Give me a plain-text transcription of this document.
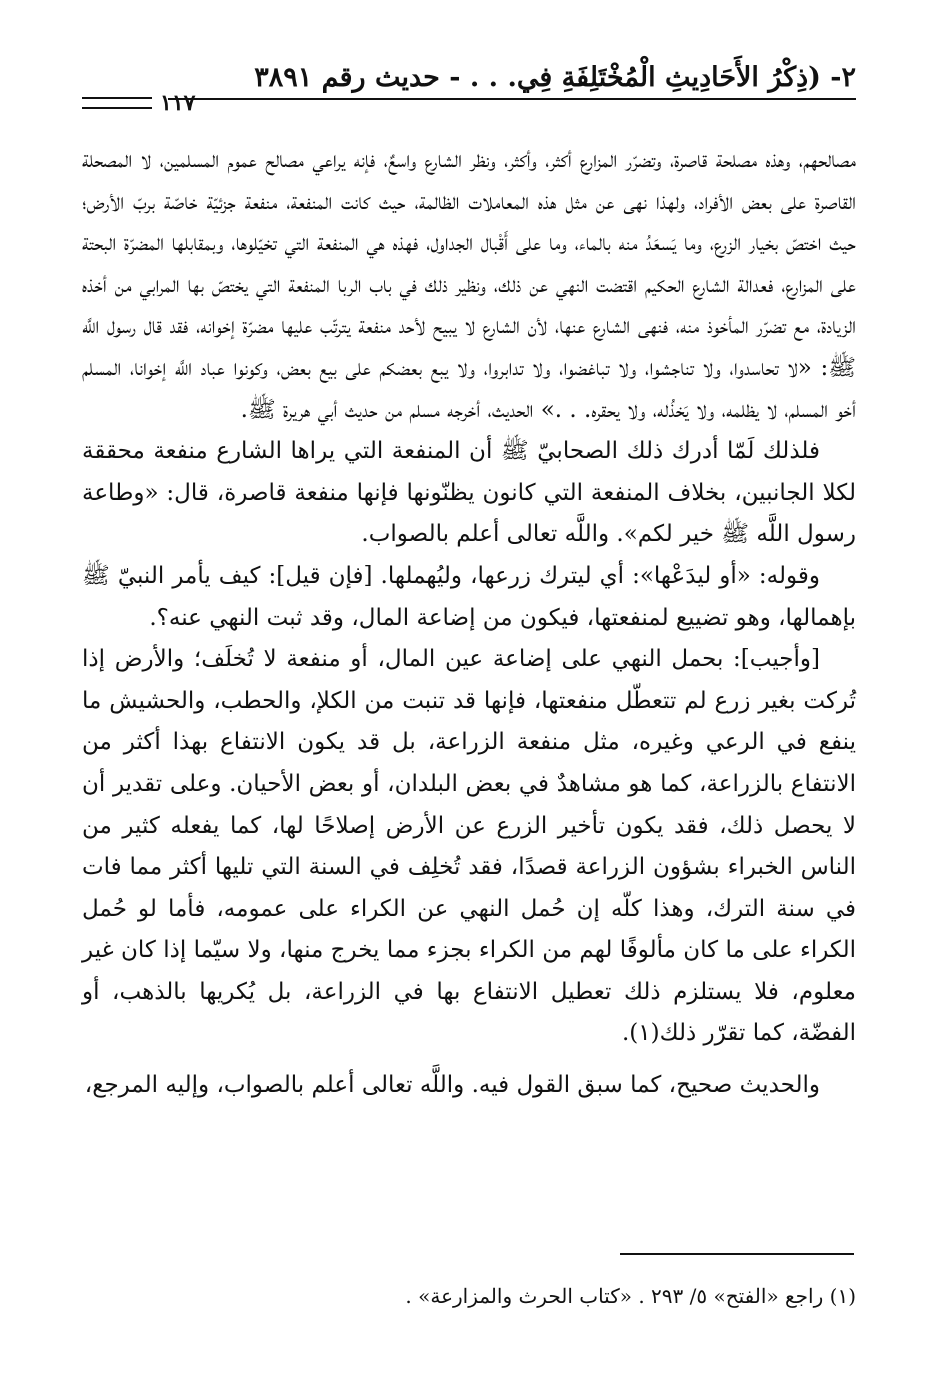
٢- (ذِكْرُ الأَحَادِيثِ الْمُخْتَلِفَةِ فِي. . . - حديث رقم ٣٨٩١
١١٧

مصالحهم، وهذه مصلحة قاصرة، وتضرّر المزارع أكثر، وأكثر، ونظر الشارع واسعٌ، فإنه يراعي مصالح عموم المسلمين، لا المصحلة القاصرة على بعض الأفراد، ولهذا نهى عن مثل هذه المعاملات الظالمة، حيث كانت المنفعة، منفعة جزئيّة خاصّة بربّ الأرض؛ حيث اختصّ بخيار الزرع، وما يَسعَدُ منه بالماء، وما على أَقْبال الجداول، فهذه هي المنفعة التي تخيّلوها، وبمقابلها المضرّة البحتة على المزارع، فعدالة الشارع الحكيم اقتضت النهي عن ذلك، ونظير ذلك في باب الربا المنفعة التي يختصّ بها المرابي من أخذه الزيادة، مع تضرّر المأخوذ منه، فنهى الشارع عنها، لأن الشارع لا يبيح لأحد منفعة يترتّب عليها مضرّة إخوانه، فقد قال رسول اللَّه ﷺ: «لا تحاسدوا، ولا تناجشوا، ولا تباغضوا، ولا تدابروا، ولا يبع بعضكم على بيع بعض، وكونوا عباد اللَّه إخوانا، المسلم أخو المسلم، لا يظلمه، ولا يَخذُله، ولا يحقره. . .» الحديث، أخرجه مسلم من حديث أبي هريرة ﷺ.

فلذلك لَمّا أدرك ذلك الصحابيّ ﷺ أن المنفعة التي يراها الشارع منفعة محققة لكلا الجانبين، بخلاف المنفعة التي كانون يظنّونها فإنها منفعة قاصرة، قال: «وطاعة رسول اللَّه ﷺ خير لكم». واللَّه تعالى أعلم بالصواب.

وقوله: «أو ليدَعْها»: أي ليترك زرعها، وليُهملها. [فإن قيل]: كيف يأمر النبيّ ﷺ بإهمالها، وهو تضييع لمنفعتها، فيكون من إضاعة المال، وقد ثبت النهي عنه؟.

[وأجيب]: بحمل النهي على إضاعة عين المال، أو منفعة لا تُخلَف؛ والأرض إذا تُركت بغير زرع لم تتعطّل منفعتها، فإنها قد تنبت من الكلإ، والحطب، والحشيش ما ينفع في الرعي وغيره، مثل منفعة الزراعة، بل قد يكون الانتفاع بهذا أكثر من الانتفاع بالزراعة، كما هو مشاهدٌ في بعض البلدان، أو بعض الأحيان. وعلى تقدير أن لا يحصل ذلك، فقد يكون تأخير الزرع عن الأرض إصلاحًا لها، كما يفعله كثير من الناس الخبراء بشؤون الزراعة قصدًا، فقد تُخلِف في السنة التي تليها أكثر مما فات في سنة الترك، وهذا كلّه إن حُمل النهي عن الكراء على عمومه، فأما لو حُمل الكراء على ما كان مألوفًا لهم من الكراء بجزء مما يخرج منها، ولا سيّما إذا كان غير معلوم، فلا يستلزم ذلك تعطيل الانتفاع بها في الزراعة، بل يُكريها بالذهب، أو الفضّة، كما تقرّر ذلك(١).

والحديث صحيح، كما سبق القول فيه. واللَّه تعالى أعلم بالصواب، وإليه المرجع،

(١) راجع «الفتح» ٥/ ٢٩٣ . «كتاب الحرث والمزارعة» .
